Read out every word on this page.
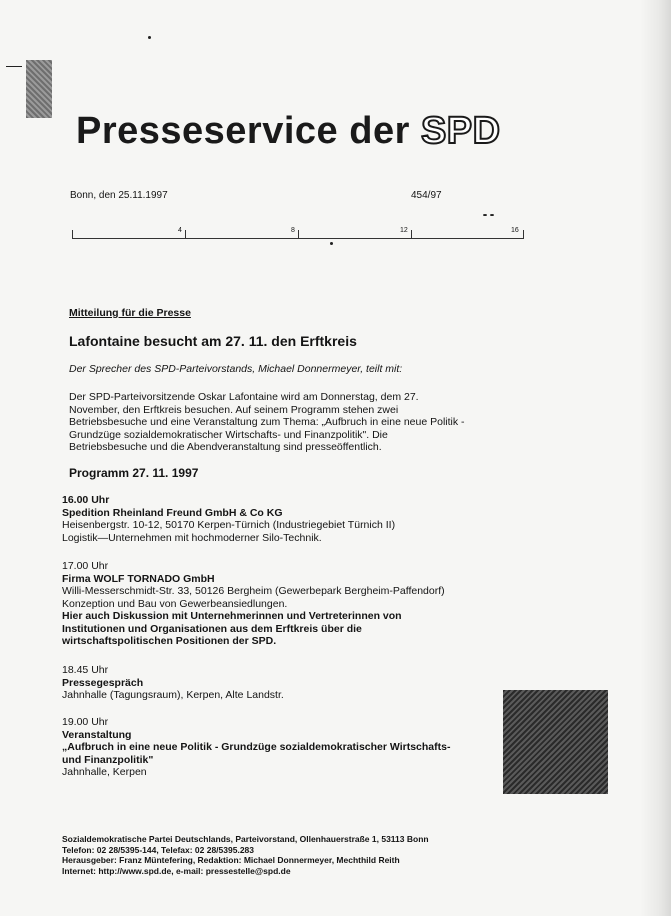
Presseservice der SPD
Bonn, den 25.11.1997	454/97
4	8	12	16
Mitteilung für die Presse
Lafontaine besucht am 27. 11. den Erftkreis
Der Sprecher des SPD-Parteivorstands, Michael Donnermeyer, teilt mit:
Der SPD-Parteivorsitzende Oskar Lafontaine wird am Donnerstag, dem 27.
November, den Erftkreis besuchen. Auf seinem Programm stehen zwei
Betriebsbesuche und eine Veranstaltung zum Thema: „Aufbruch in eine neue Politik -
Grundzüge sozialdemokratischer Wirtschafts- und Finanzpolitik". Die
Betriebsbesuche und die Abendveranstaltung sind presseöffentlich.
Programm 27. 11. 1997
16.00 Uhr
Spedition Rheinland Freund GmbH & Co KG
Heisenbergstr. 10-12, 50170 Kerpen-Türnich (Industriegebiet Türnich II)
Logistik—Unternehmen mit hochmoderner Silo-Technik.
17.00 Uhr
Firma WOLF TORNADO GmbH
Willi-Messerschmidt-Str. 33, 50126 Bergheim (Gewerbepark Bergheim-Paffendorf)
Konzeption und Bau von Gewerbeansiedlungen.
Hier auch Diskussion mit Unternehmerinnen und Vertreterinnen von
Institutionen und Organisationen aus dem Erftkreis über die
wirtschaftspolitischen Positionen der SPD.
18.45 Uhr
Pressegespräch
Jahnhalle (Tagungsraum), Kerpen, Alte Landstr.
19.00 Uhr
Veranstaltung
„Aufbruch in eine neue Politik - Grundzüge sozialdemokratischer Wirtschafts-
und Finanzpolitik"
Jahnhalle, Kerpen
Sozialdemokratische Partei Deutschlands, Parteivorstand, Ollenhauerstraße 1, 53113 Bonn
Telefon: 02 28/5395-144, Telefax: 02 28/5395.283
Herausgeber: Franz Müntefering, Redaktion: Michael Donnermeyer, Mechthild Reith
Internet: http://www.spd.de, e-mail: pressestelle@spd.de
